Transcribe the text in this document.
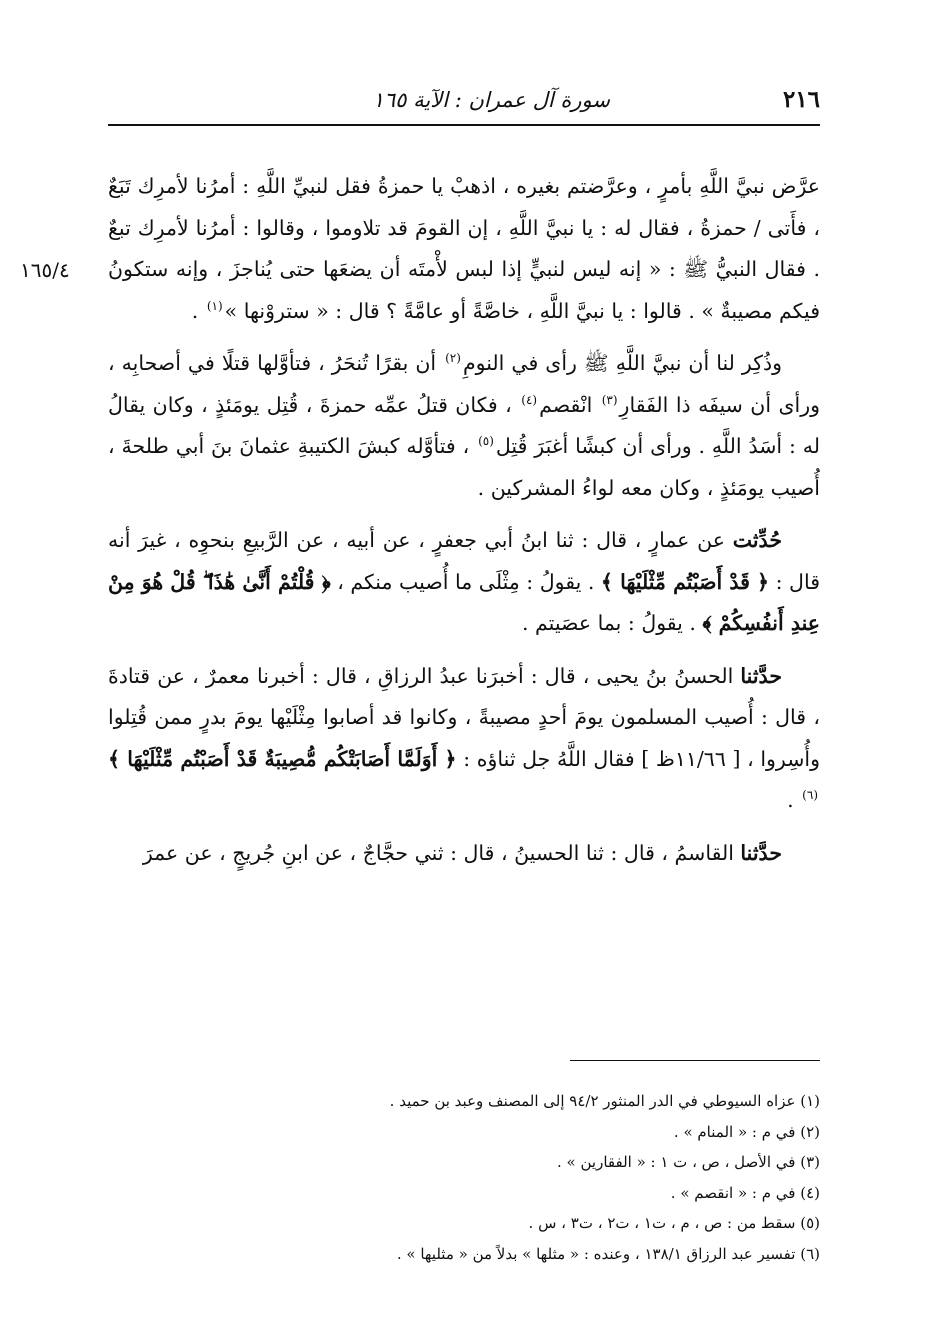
٢١٦
سورة آل عمران : الآية ١٦٥
١٦٥/٤

عرَّض نبيَّ اللَّهِ بأمرٍ ، وعرَّضتم بغيره ، اذهبْ يا حمزةُ فقل لنبيِّ اللَّهِ : أمرُنا لأمرِك تَبَعٌ ، فأَتى / حمزةُ ، فقال له : يا نبيَّ اللَّهِ ، إن القومَ قد تلاوموا ، وقالوا : أمرُنا لأمرِك تبعٌ . فقال النبيُّ ﷺ : « إنه ليس لنبيٍّ إذا لبس لأْمتَه أن يضعَها حتى يُناجزَ ، وإنه ستكونُ فيكم مصيبةٌ » . قالوا : يا نبيَّ اللَّهِ ، خاصَّةً أو عامَّةً ؟ قال : « ستروْنها »$^{(١)}$ .

وذُكِر لنا أن نبيَّ اللَّهِ ﷺ رأى في النومِ$^{(٢)}$ أن بقرًا تُنحَرُ ، فتأوَّلها قتلًا في أصحابِه ، ورأى أن سيفَه ذا الفَقارِ$^{(٣)}$ انْقصم$^{(٤)}$ ، فكان قتلُ عمِّه حمزةَ ، قُتِل يومَئذٍ ، وكان يقالُ له : أسَدُ اللَّهِ . ورأى أن كبشًا أغبَرَ قُتِل$^{(٥)}$ ، فتأوَّله كبشَ الكتيبةِ عثمانَ بنَ أبي طلحةَ ، أُصيب يومَئذٍ ، وكان معه لواءُ المشركين .

حُدِّثت عن عمارٍ ، قال : ثنا ابنُ أبي جعفرٍ ، عن أبيه ، عن الرَّبيعِ بنحوِه ، غيرَ أنه قال : ﴿ قَدْ أَصَبْتُم مِّثْلَيْهَا ﴾ . يقولُ : مِثْلَى ما أُصيب منكم ، ﴿ قُلْتُمْ أَنَّىٰ هَٰذَا ۖ قُلْ هُوَ مِنْ عِندِ أَنفُسِكُمْ ﴾ . يقولُ : بما عصَيتم .

حدَّثنا الحسنُ بنُ يحيى ، قال : أخبرَنا عبدُ الرزاقِ ، قال : أخبرنا معمرٌ ، عن قتادةَ ، قال : أُصيب المسلمون يومَ أحدٍ مصيبةً ، وكانوا قد أصابوا مِثْلَيْها يومَ بدرٍ ممن قُتِلوا وأُسِروا ، [ ١١/٦٦ظ ] فقال اللَّهُ جل ثناؤه : ﴿ أَوَلَمَّا أَصَابَتْكُم مُّصِيبَةٌ قَدْ أَصَبْتُم مِّثْلَيْهَا ﴾$^{(٦)}$ .

حدَّثنا القاسمُ ، قال : ثنا الحسينُ ، قال : ثني حجَّاجٌ ، عن ابنِ جُريجٍ ، عن عمرَ

(١) عزاه السيوطي في الدر المنثور ٩٤/٢ إلى المصنف وعبد بن حميد .
(٢) في م : « المنام » .
(٣) في الأصل ، ص ، ت ١ : « الفقارين » .
(٤) في م : « انقصم » .
(٥) سقط من : ص ، م ، ت١ ، ت٢ ، ت٣ ، س .
(٦) تفسير عبد الرزاق ١٣٨/١ ، وعنده : « مثلها » بدلاً من « مثليها » .
